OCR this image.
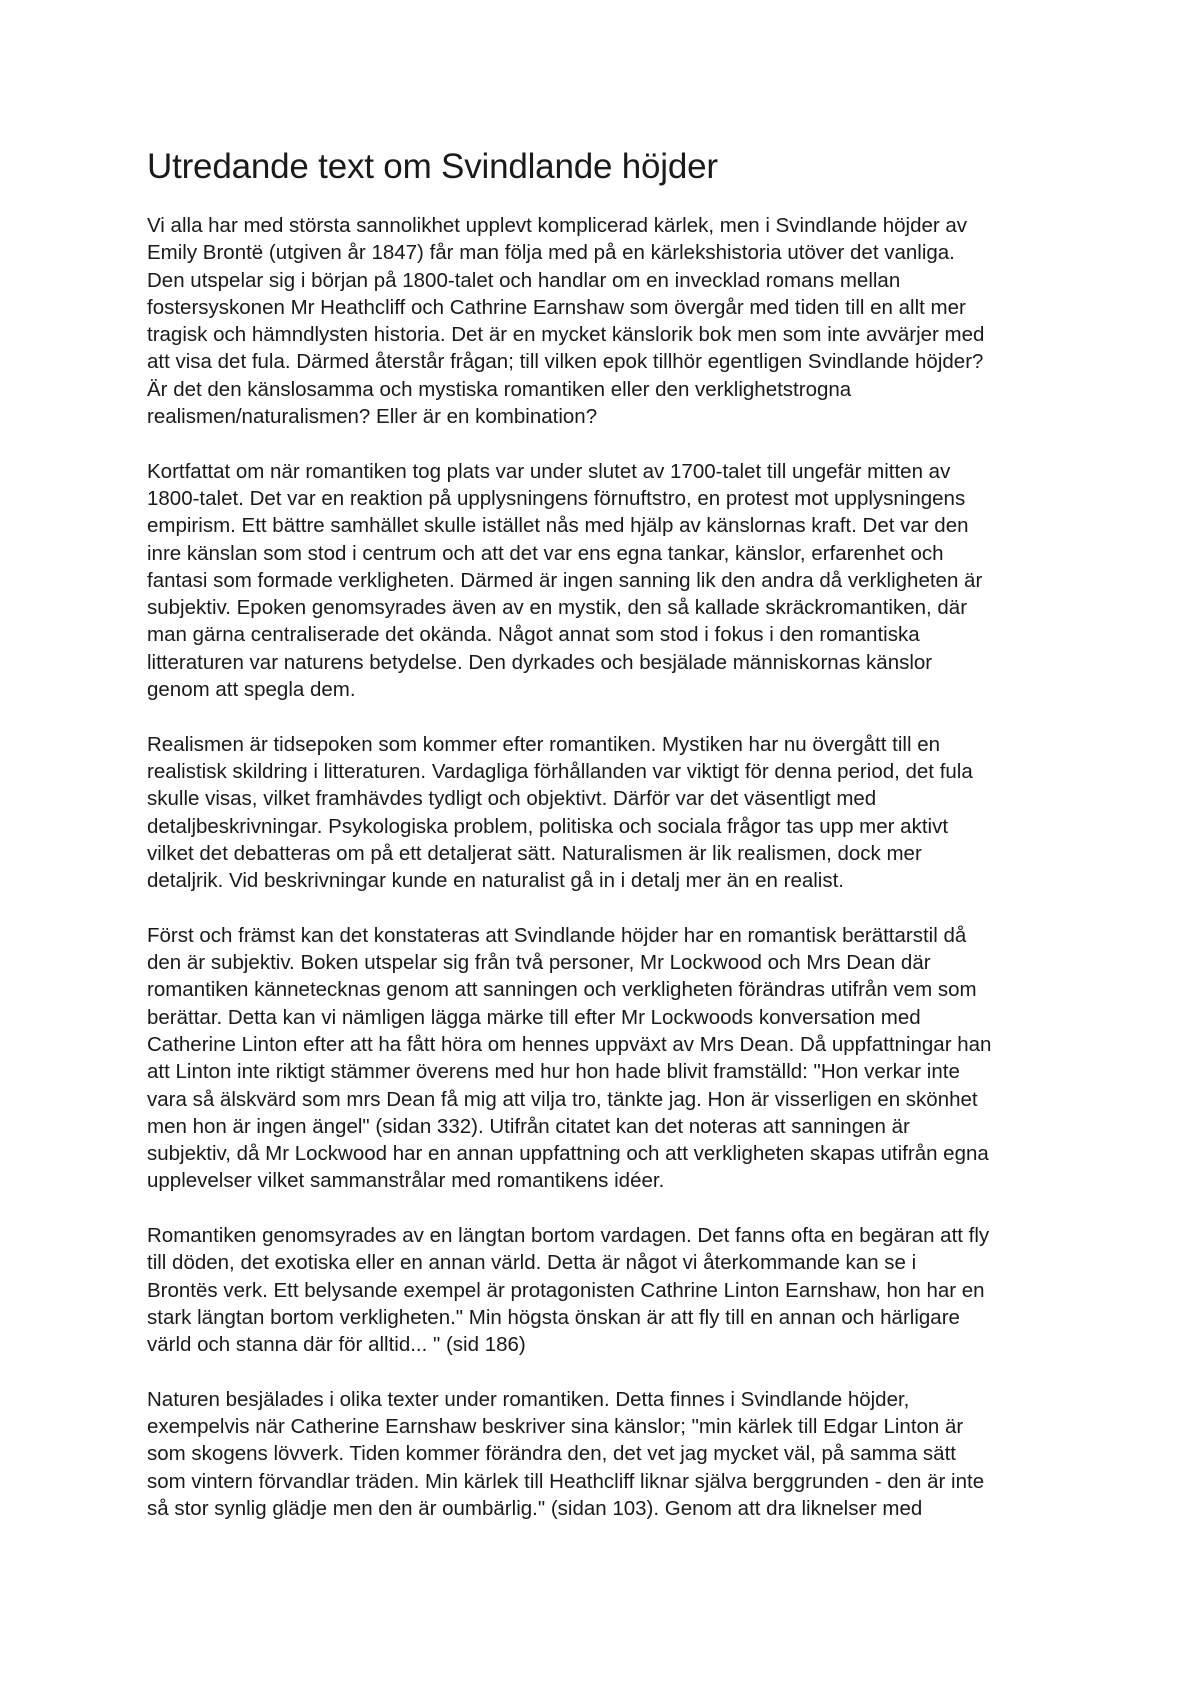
Utredande text om Svindlande höjder

Vi alla har med största sannolikhet upplevt komplicerad kärlek, men i Svindlande höjder av
Emily Brontë (utgiven år 1847) får man följa med på en kärlekshistoria utöver det vanliga.
Den utspelar sig i början på 1800-talet och handlar om en invecklad romans mellan
fostersyskonen Mr Heathcliff och Cathrine Earnshaw som övergår med tiden till en allt mer
tragisk och hämndlysten historia. Det är en mycket känslorik bok men som inte avvärjer med
att visa det fula. Därmed återstår frågan; till vilken epok tillhör egentligen Svindlande höjder?
Är det den känslosamma och mystiska romantiken eller den verklighetstrogna
realismen/naturalismen? Eller är en kombination?

Kortfattat om när romantiken tog plats var under slutet av 1700-talet till ungefär mitten av
1800-talet. Det var en reaktion på upplysningens förnuftstro, en protest mot upplysningens
empirism. Ett bättre samhället skulle istället nås med hjälp av känslornas kraft. Det var den
inre känslan som stod i centrum och att det var ens egna tankar, känslor, erfarenhet och
fantasi som formade verkligheten. Därmed är ingen sanning lik den andra då verkligheten är
subjektiv. Epoken genomsyrades även av en mystik, den så kallade skräckromantiken, där
man gärna centraliserade det okända. Något annat som stod i fokus i den romantiska
litteraturen var naturens betydelse. Den dyrkades och besjälade människornas känslor
genom att spegla dem.

Realismen är tidsepoken som kommer efter romantiken. Mystiken har nu övergått till en
realistisk skildring i litteraturen. Vardagliga förhållanden var viktigt för denna period, det fula
skulle visas, vilket framhävdes tydligt och objektivt. Därför var det väsentligt med
detaljbeskrivningar. Psykologiska problem, politiska och sociala frågor tas upp mer aktivt
vilket det debatteras om på ett detaljerat sätt. Naturalismen är lik realismen, dock mer
detaljrik. Vid beskrivningar kunde en naturalist gå in i detalj mer än en realist.

Först och främst kan det konstateras att Svindlande höjder har en romantisk berättarstil då
den är subjektiv. Boken utspelar sig från två personer, Mr Lockwood och Mrs Dean där
romantiken kännetecknas genom att sanningen och verkligheten förändras utifrån vem som
berättar. Detta kan vi nämligen lägga märke till efter Mr Lockwoods konversation med
Catherine Linton efter att ha fått höra om hennes uppväxt av Mrs Dean. Då uppfattningar han
att Linton inte riktigt stämmer överens med hur hon hade blivit framställd: "Hon verkar inte
vara så älskvärd som mrs Dean få mig att vilja tro, tänkte jag. Hon är visserligen en skönhet
men hon är ingen ängel" (sidan 332). Utifrån citatet kan det noteras att sanningen är
subjektiv, då Mr Lockwood har en annan uppfattning och att verkligheten skapas utifrån egna
upplevelser vilket sammanstrålar med romantikens idéer.

Romantiken genomsyrades av en längtan bortom vardagen. Det fanns ofta en begäran att fly
till döden, det exotiska eller en annan värld. Detta är något vi återkommande kan se i
Brontës verk. Ett belysande exempel är protagonisten Cathrine Linton Earnshaw, hon har en
stark längtan bortom verkligheten." Min högsta önskan är att fly till en annan och härligare
värld och stanna där för alltid... " (sid 186)

Naturen besjälades i olika texter under romantiken. Detta finnes i Svindlande höjder,
exempelvis när Catherine Earnshaw beskriver sina känslor; "min kärlek till Edgar Linton är
som skogens lövverk. Tiden kommer förändra den, det vet jag mycket väl, på samma sätt
som vintern förvandlar träden. Min kärlek till Heathcliff liknar själva berggrunden - den är inte
så stor synlig glädje men den är oumbärlig." (sidan 103). Genom att dra liknelser med
